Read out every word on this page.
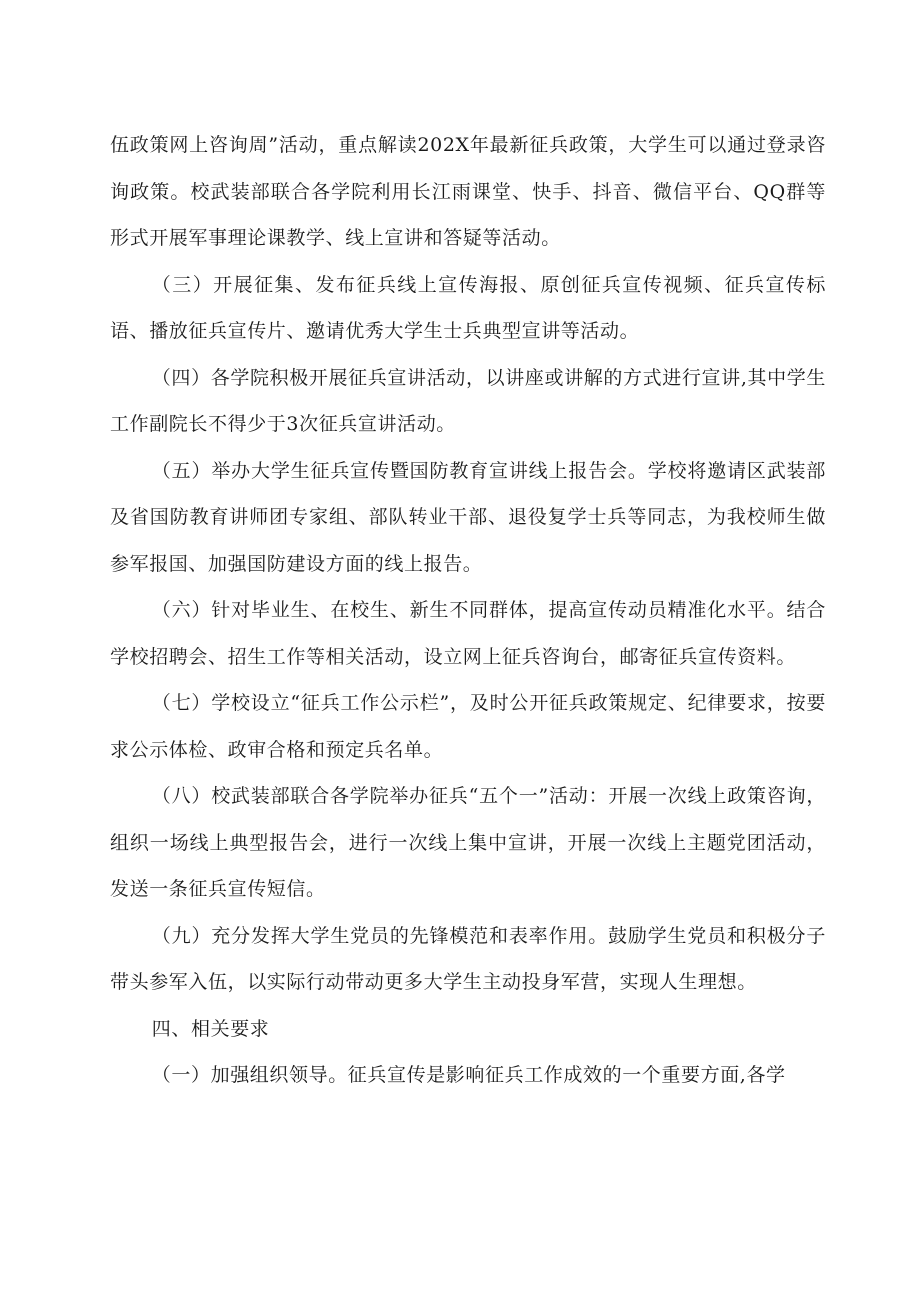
伍政策网上咨询周”活动，重点解读202X年最新征兵政策，大学生可以通过登录咨询政策。校武装部联合各学院利用长江雨课堂、快手、抖音、微信平台、QQ群等形式开展军事理论课教学、线上宣讲和答疑等活动。

（三）开展征集、发布征兵线上宣传海报、原创征兵宣传视频、征兵宣传标语、播放征兵宣传片、邀请优秀大学生士兵典型宣讲等活动。

（四）各学院积极开展征兵宣讲活动，以讲座或讲解的方式进行宣讲,其中学生工作副院长不得少于3次征兵宣讲活动。

（五）举办大学生征兵宣传暨国防教育宣讲线上报告会。学校将邀请区武装部及省国防教育讲师团专家组、部队转业干部、退役复学士兵等同志，为我校师生做参军报国、加强国防建设方面的线上报告。

（六）针对毕业生、在校生、新生不同群体，提高宣传动员精准化水平。结合学校招聘会、招生工作等相关活动，设立网上征兵咨询台，邮寄征兵宣传资料。

（七）学校设立“征兵工作公示栏”，及时公开征兵政策规定、纪律要求，按要求公示体检、政审合格和预定兵名单。

（八）校武装部联合各学院举办征兵“五个一”活动：开展一次线上政策咨询，组织一场线上典型报告会，进行一次线上集中宣讲，开展一次线上主题党团活动，发送一条征兵宣传短信。

（九）充分发挥大学生党员的先锋模范和表率作用。鼓励学生党员和积极分子带头参军入伍，以实际行动带动更多大学生主动投身军营，实现人生理想。

四、相关要求

（一）加强组织领导。征兵宣传是影响征兵工作成效的一个重要方面,各学
